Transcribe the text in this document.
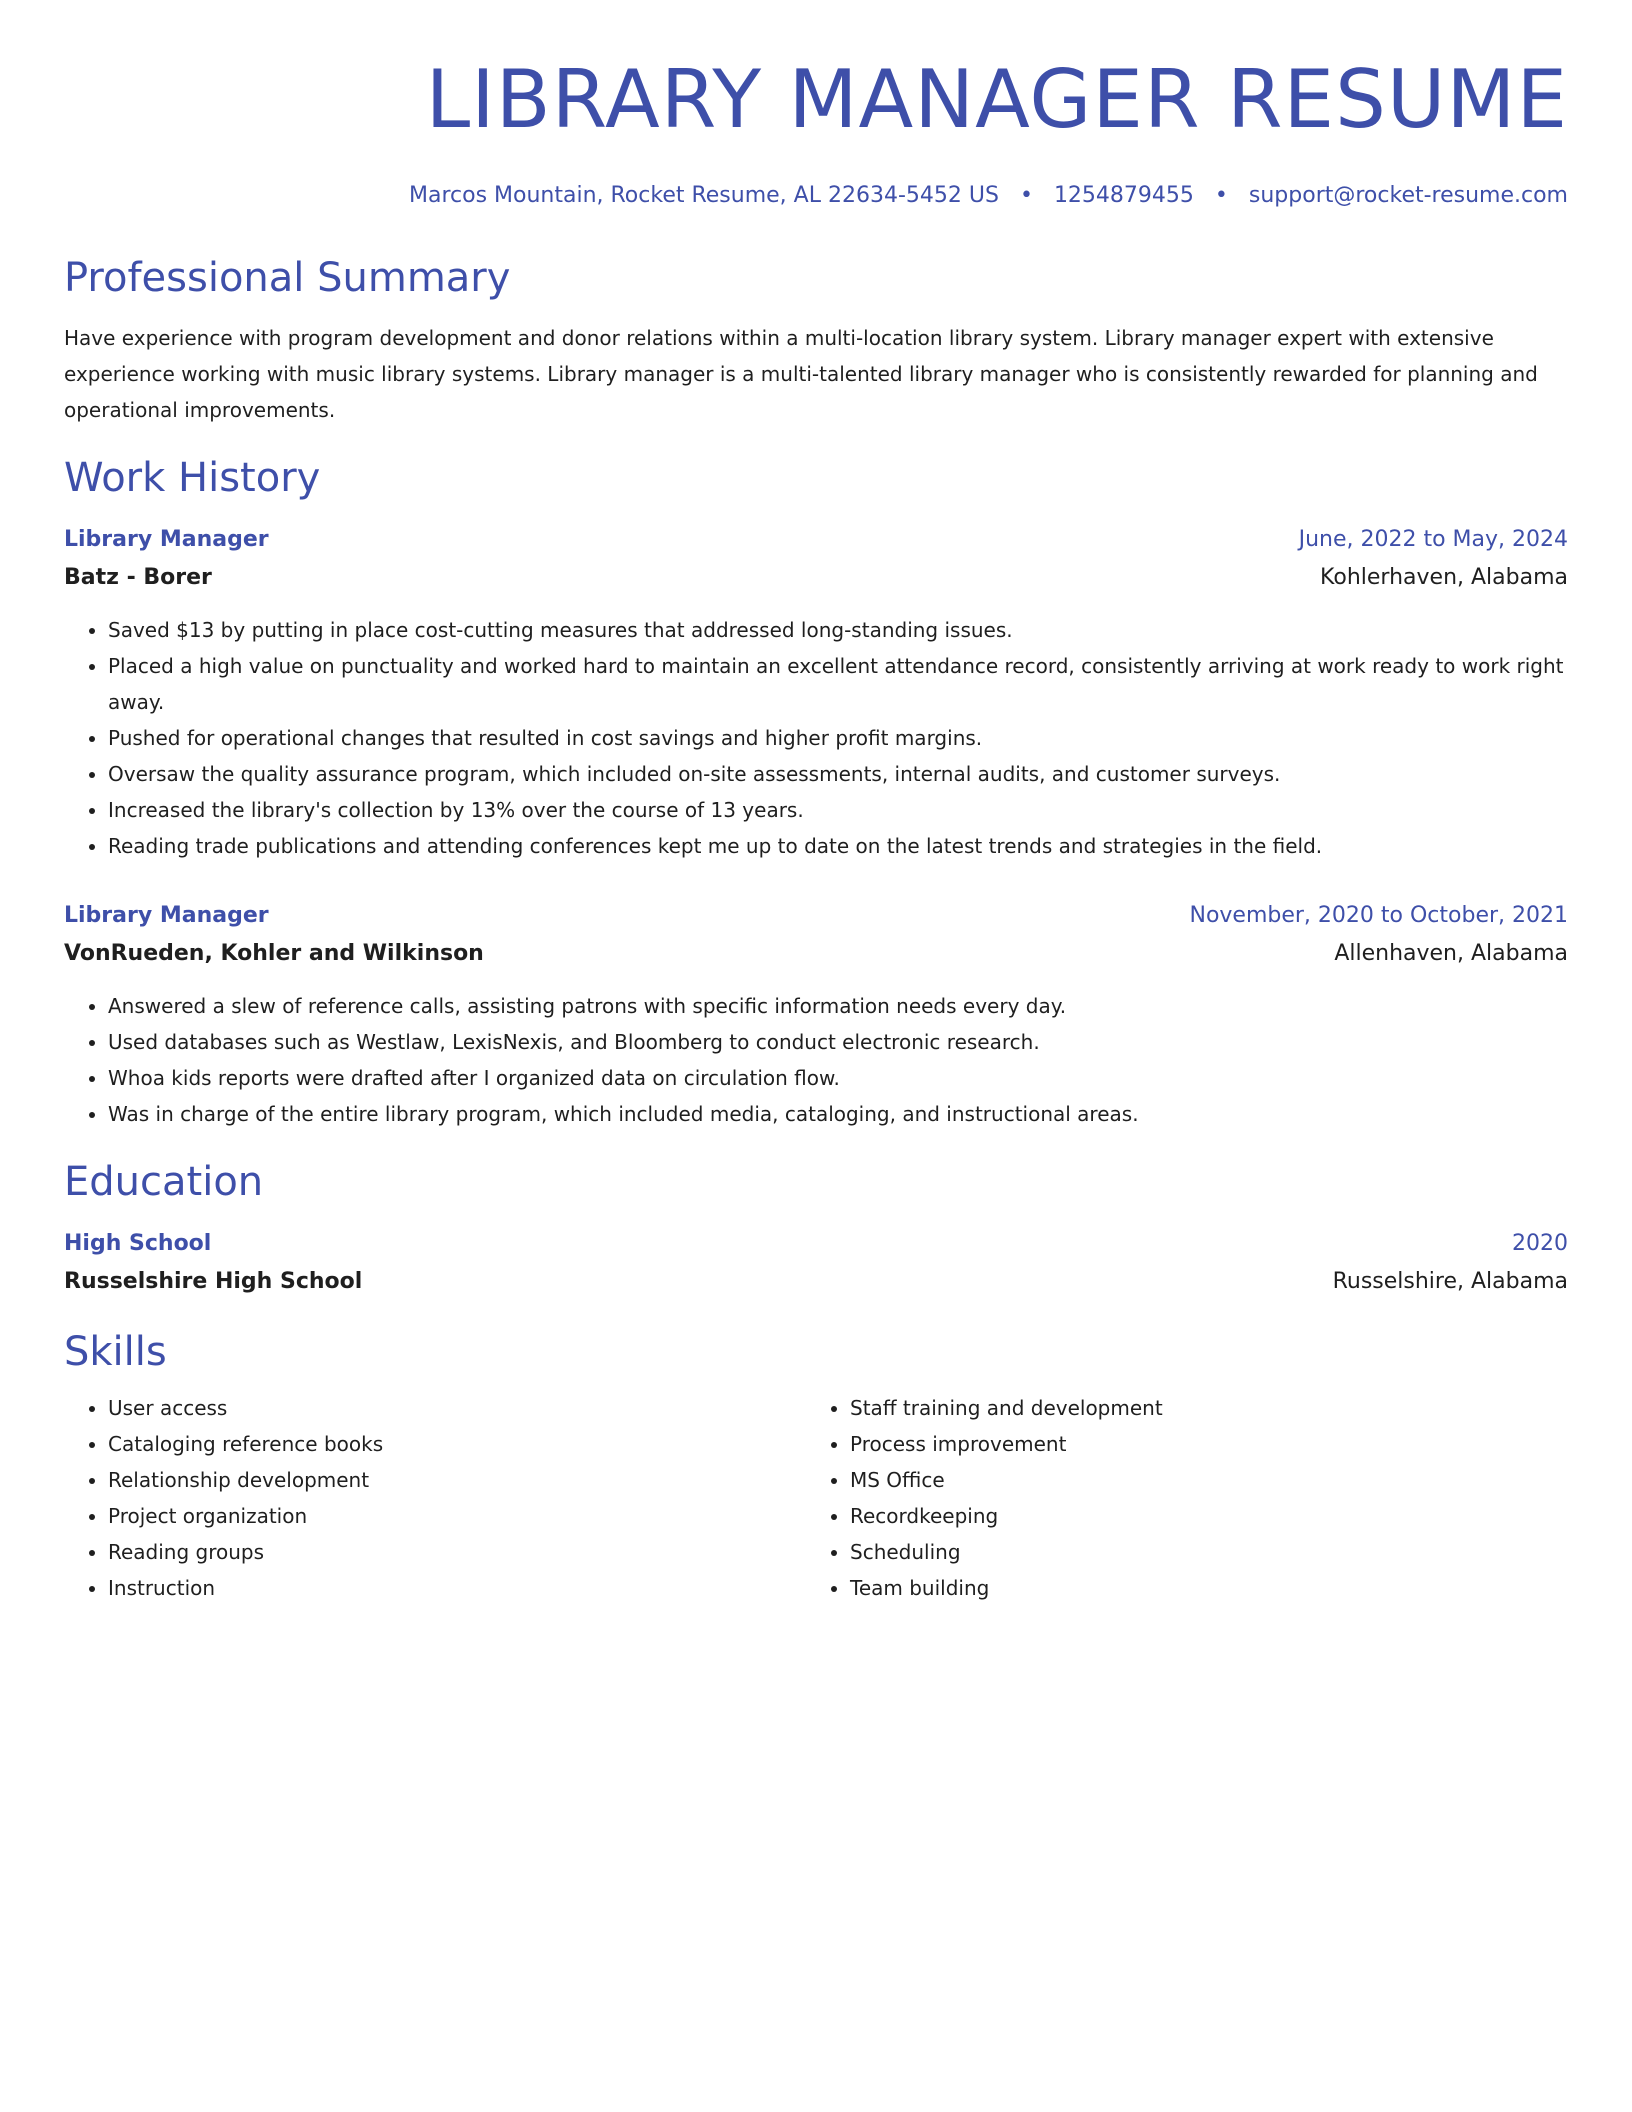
LIBRARY MANAGER RESUME
Marcos Mountain, Rocket Resume, AL 22634-5452 US • 1254879455 • support@rocket-resume.com
Professional Summary
Have experience with program development and donor relations within a multi-location library system. Library manager expert with extensive experience working with music library systems. Library manager is a multi-talented library manager who is consistently rewarded for planning and operational improvements.
Work History
Library Manager	June, 2022 to May, 2024
Batz - Borer	Kohlerhaven, Alabama
• Saved $13 by putting in place cost-cutting measures that addressed long-standing issues.
• Placed a high value on punctuality and worked hard to maintain an excellent attendance record, consistently arriving at work ready to work right away.
• Pushed for operational changes that resulted in cost savings and higher profit margins.
• Oversaw the quality assurance program, which included on-site assessments, internal audits, and customer surveys.
• Increased the library's collection by 13% over the course of 13 years.
• Reading trade publications and attending conferences kept me up to date on the latest trends and strategies in the field.
Library Manager	November, 2020 to October, 2021
VonRueden, Kohler and Wilkinson	Allenhaven, Alabama
• Answered a slew of reference calls, assisting patrons with specific information needs every day.
• Used databases such as Westlaw, LexisNexis, and Bloomberg to conduct electronic research.
• Whoa kids reports were drafted after I organized data on circulation flow.
• Was in charge of the entire library program, which included media, cataloging, and instructional areas.
Education
High School	2020
Russelshire High School	Russelshire, Alabama
Skills
• User access
• Cataloging reference books
• Relationship development
• Project organization
• Reading groups
• Instruction
• Staff training and development
• Process improvement
• MS Office
• Recordkeeping
• Scheduling
• Team building
